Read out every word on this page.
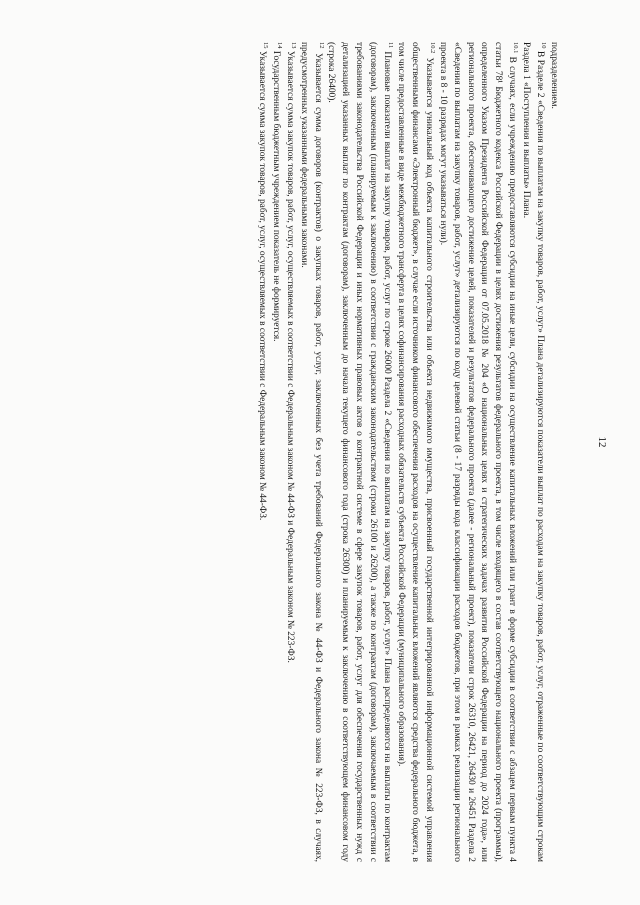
12

подразделением.

$^{10}$ В Разделе 2 «Сведения по выплатам на закупку товаров, работ, услуг» Плана детализируются показатели выплат по расходам на закупку товаров, работ, услуг, отраженные по соответствующим строкам Раздела 1 «Поступления и выплаты» Плана.

$^{10.1}$ В случаях, если учреждению предоставляются субсидии на иные цели, субсидии на осуществление капитальных вложений или грант в форме субсидии в соответствии с абзацем первым пункта 4 статьи 78¹ Бюджетного кодекса Российской Федерации в целях достижения результатов федерального проекта, в том числе входящего в состав соответствующего национального проекта (программы), определенного Указом Президента Российской Федерации от 07.05.2018 № 204 «О национальных целях и стратегических задачах развития Российской Федерации на период до 2024 года», или регионального проекта, обеспечивающего достижение целей, показателей и результатов федерального проекта (далее - региональный проект), показатели строк 26310, 26421, 26430 и 26451 Раздела 2 «Сведения по выплатам на закупку товаров, работ, услуг» детализируются по коду целевой статьи (8 - 17 разряды кода классификации расходов бюджетов, при этом в рамках реализации регионального проекта в 8 - 10 разрядах могут указываться нули).

$^{10.2}$ Указывается уникальный код объекта капитального строительства или объекта недвижимого имущества, присвоенный государственной интегрированной информационной системой управления общественными финансами «Электронный бюджет», в случае если источником финансового обеспечения расходов на осуществление капитальных вложений являются средства федерального бюджета, в том числе предоставленные в виде межбюджетного трансферта в целях софинансирования расходных обязательств субъекта Российской Федерации (муниципального образования).

$^{11}$ Плановые показатели выплат на закупку товаров, работ, услуг по строке 26000 Раздела 2 «Сведения по выплатам на закупку товаров, работ, услуг» Плана распределяются на выплаты по контрактам (договорам), заключенным (планируемым к заключению) в соответствии с гражданским законодательством (строки 26100 и 26200), а также по контрактам (договорам), заключаемым в соответствии с требованиями законодательства Российской Федерации и иных нормативных правовых актов о контрактной системе в сфере закупок товаров, работ, услуг для обеспечения государственных нужд с детализацией указанных выплат по контрактам (договорам), заключенным до начала текущего финансового года (строка 26300) и планируемым к заключению в соответствующем финансовом году (строка 26400).

$^{12}$ Указывается сумма договоров (контрактов) о закупках товаров, работ, услуг, заключенных без учета требований Федерального закона № 44-ФЗ и Федерального закона № 223-ФЗ, в случаях, предусмотренных указанными федеральными законами.

$^{13}$ Указывается сумма закупок товаров, работ, услуг, осуществляемых в соответствии с Федеральным законом № 44-ФЗ и Федеральным законом № 223-ФЗ.

$^{14}$ Государственным бюджетным учреждением показатель не формируется.

$^{15}$ Указывается сумма закупок товаров, работ, услуг, осуществляемых в соответствии с Федеральным законом № 44-ФЗ.
